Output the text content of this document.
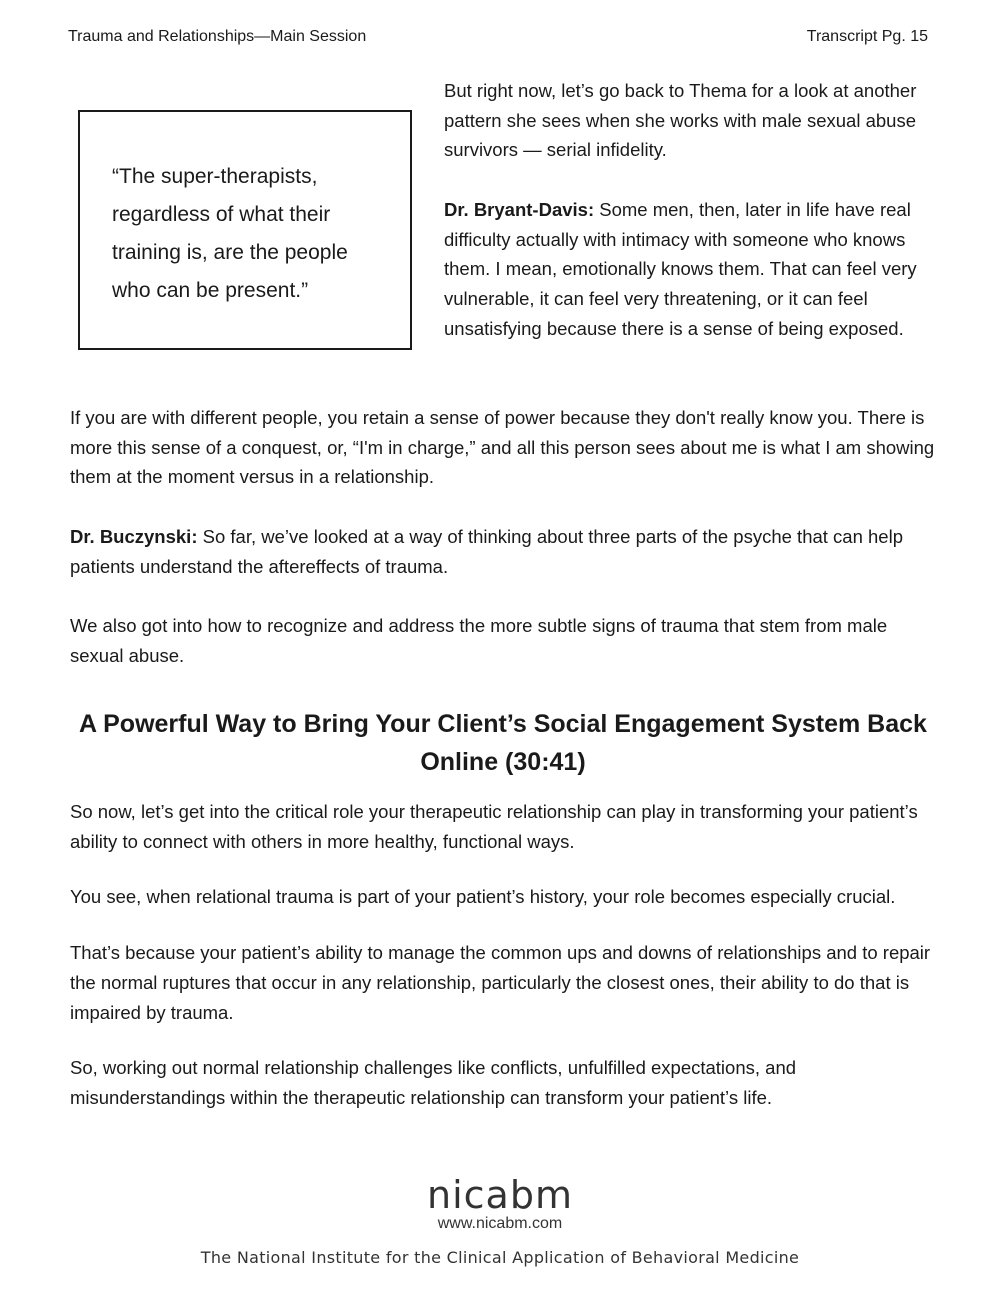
Trauma and Relationships—Main Session	Transcript Pg. 15
“The super-therapists, regardless of what their training is, are the people who can be present.”

But right now, let’s go back to Thema for a look at another pattern she sees when she works with male sexual abuse survivors — serial infidelity.

Dr. Bryant-Davis: Some men, then, later in life have real difficulty actually with intimacy with someone who knows them. I mean, emotionally knows them. That can feel very vulnerable, it can feel very threatening, or it can feel unsatisfying because there is a sense of being exposed.

If you are with different people, you retain a sense of power because they don't really know you. There is more this sense of a conquest, or, “I'm in charge,” and all this person sees about me is what I am showing them at the moment versus in a relationship.

Dr. Buczynski: So far, we’ve looked at a way of thinking about three parts of the psyche that can help patients understand the aftereffects of trauma.

We also got into how to recognize and address the more subtle signs of trauma that stem from male sexual abuse.

A Powerful Way to Bring Your Client’s Social Engagement System Back Online (30:41)

So now, let’s get into the critical role your therapeutic relationship can play in transforming your patient’s ability to connect with others in more healthy, functional ways.

You see, when relational trauma is part of your patient’s history, your role becomes especially crucial.

That’s because your patient’s ability to manage the common ups and downs of relationships and to repair the normal ruptures that occur in any relationship, particularly the closest ones, their ability to do that is impaired by trauma.

So, working out normal relationship challenges like conflicts, unfulfilled expectations, and misunderstandings within the therapeutic relationship can transform your patient’s life.

nicabm
www.nicabm.com
The National Institute for the Clinical Application of Behavioral Medicine
